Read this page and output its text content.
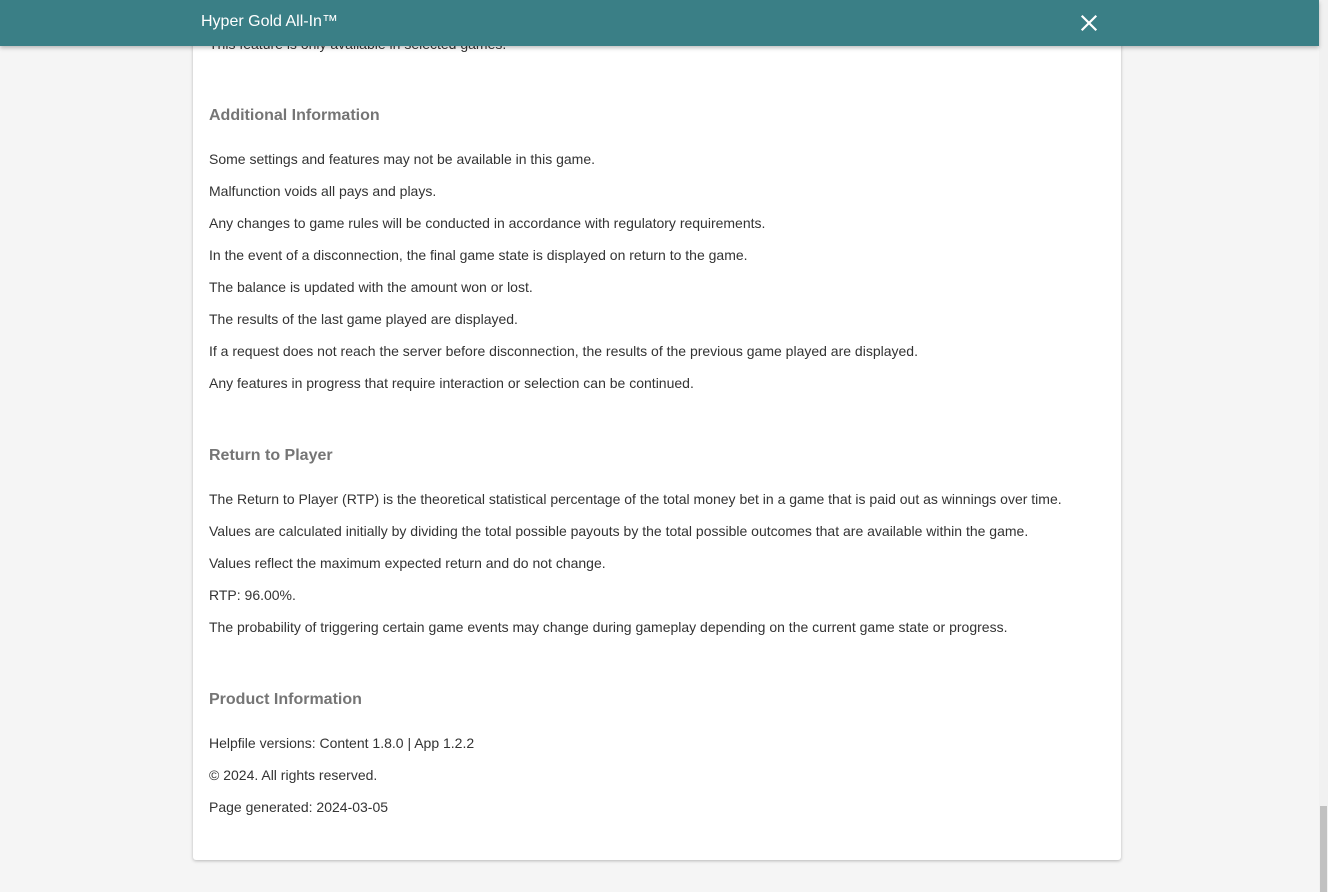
Additional Information
Some settings and features may not be available in this game.
Malfunction voids all pays and plays.
Any changes to game rules will be conducted in accordance with regulatory requirements.
In the event of a disconnection, the final game state is displayed on return to the game.
The balance is updated with the amount won or lost.
The results of the last game played are displayed.
If a request does not reach the server before disconnection, the results of the previous game played are displayed.
Any features in progress that require interaction or selection can be continued.
Return to Player
The Return to Player (RTP) is the theoretical statistical percentage of the total money bet in a game that is paid out as winnings over time.
Values are calculated initially by dividing the total possible payouts by the total possible outcomes that are available within the game.
Values reflect the maximum expected return and do not change.
RTP: 96.00%.
The probability of triggering certain game events may change during gameplay depending on the current game state or progress.
Product Information
Helpfile versions: Content 1.8.0 | App 1.2.2
© 2024. All rights reserved.
Page generated: 2024-03-05
Hyper Gold All-In™
